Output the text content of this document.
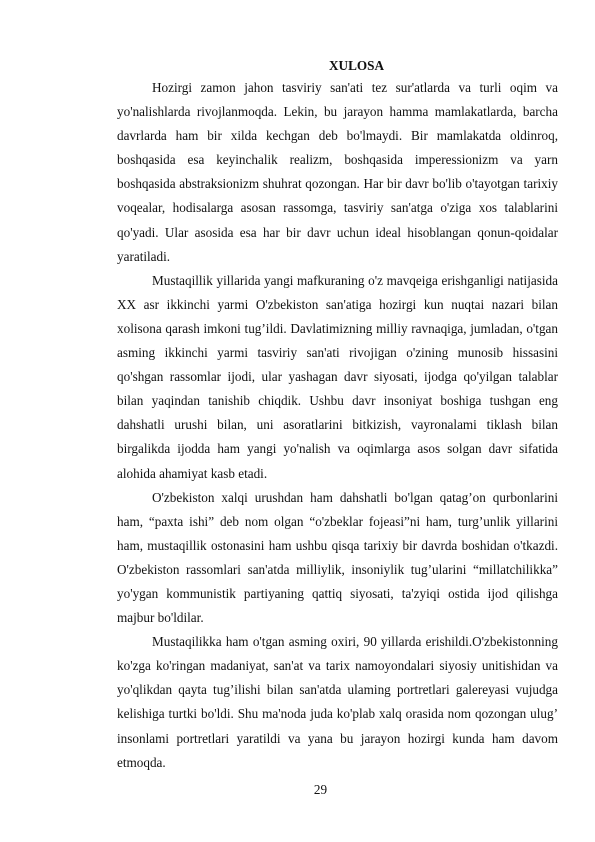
XULOSA

Hozirgi zamon jahon tasviriy san'ati tez sur'atlarda va turli oqim va yo'nalishlarda rivojlanmoqda. Lekin, bu jarayon hamma mamlakatlarda, barcha davrlarda ham bir xilda kechgan deb bo'lmaydi. Bir mamlakatda oldinroq, boshqasida esa keyinchalik realizm, boshqasida imperessionizm va yarn boshqasida abstraksionizm shuhrat qozongan. Har bir davr bo'lib o'tayotgan tarixiy voqealar, hodisalarga asosan rassomga, tasviriy san'atga o'ziga xos talablarini qo'yadi. Ular asosida esa har bir davr uchun ideal hisoblangan qonun-qoidalar yaratiladi.

Mustaqillik yillarida yangi mafkuraning o'z mavqeiga erishganligi natijasida XX asr ikkinchi yarmi O'zbekiston san'atiga hozirgi kun nuqtai nazari bilan xolisona qarash imkoni tug’ildi. Davlatimizning milliy ravnaqiga, jumladan, o'tgan asming ikkinchi yarmi tasviriy san'ati rivojigan o'zining munosib hissasini qo'shgan rassomlar ijodi, ular yashagan davr siyosati, ijodga qo'yilgan talablar bilan yaqindan tanishib chiqdik. Ushbu davr insoniyat boshiga tushgan eng dahshatli urushi bilan, uni asoratlarini bitkizish, vayronalami tiklash bilan birgalikda ijodda ham yangi yo'nalish va oqimlarga asos solgan davr sifatida alohida ahamiyat kasb etadi.

O'zbekiston xalqi urushdan ham dahshatli bo'lgan qatag’on qurbonlarini ham, “paxta ishi” deb nom olgan “o'zbeklar fojeasi”ni ham, turg’unlik yillarini ham, mustaqillik ostonasini ham ushbu qisqa tarixiy bir davrda boshidan o'tkazdi. O'zbekiston rassomlari san'atda milliylik, insoniylik tug’ularini “millatchilikka” yo'ygan kommunistik partiyaning qattiq siyosati, ta'zyiqi ostida ijod qilishga majbur bo'ldilar.

Mustaqilikka ham o'tgan asming oxiri, 90 yillarda erishildi.O'zbekistonning ko'zga ko'ringan madaniyat, san'at va tarix namoyondalari siyosiy unitishidan va yo'qlikdan qayta tug’ilishi bilan san'atda ulaming portretlari galereyasi vujudga kelishiga turtki bo'ldi. Shu ma'noda juda ko'plab xalq orasida nom qozongan ulug’ insonlami portretlari yaratildi va yana bu jarayon hozirgi kunda ham davom etmoqda.

29
